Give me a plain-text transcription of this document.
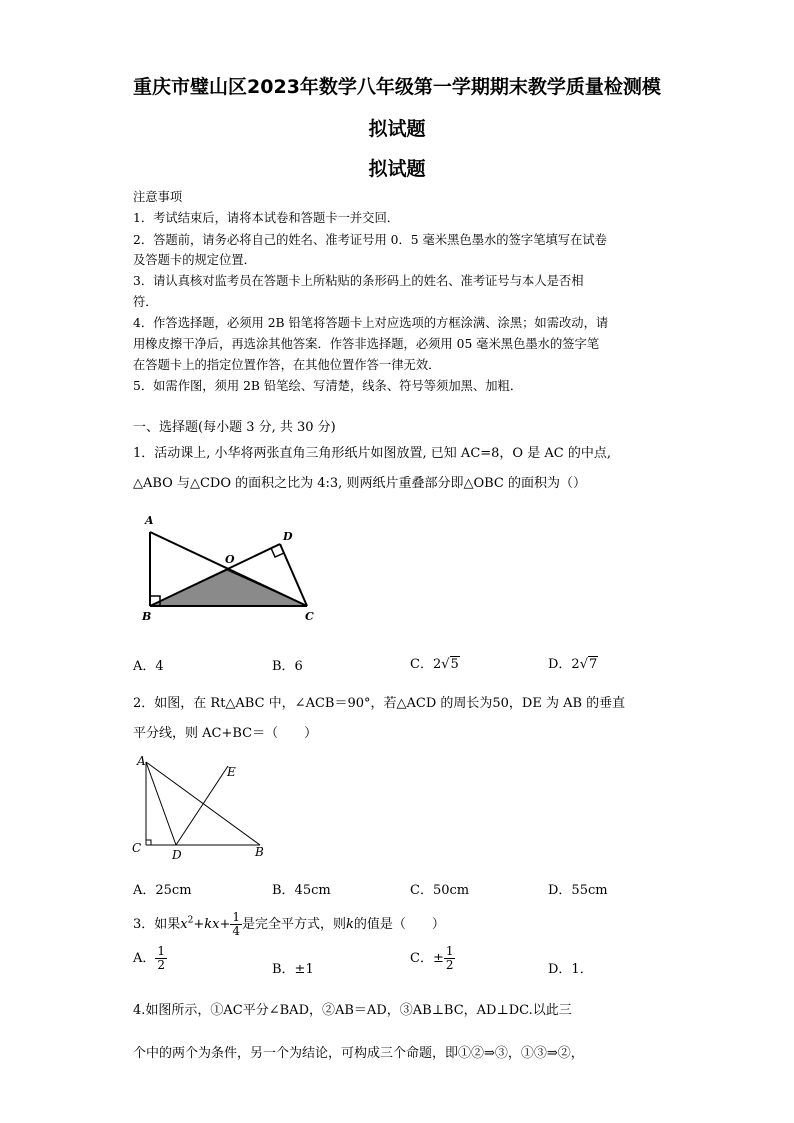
重庆市璧山区2023年数学八年级第一学期期末教学质量检测模
拟试题
拟试题
注意事项
1．考试结束后，请将本试卷和答题卡一并交回．
2．答题前，请务必将自己的姓名、准考证号用 0．5 毫米黑色墨水的签字笔填写在试卷
及答题卡的规定位置．
3．请认真核对监考员在答题卡上所粘贴的条形码上的姓名、准考证号与本人是否相
符．
4．作答选择题，必须用 2B 铅笔将答题卡上对应选项的方框涂满、涂黑；如需改动，请
用橡皮擦干净后，再选涂其他答案．作答非选择题，必须用 05 毫米黑色墨水的签字笔
在答题卡上的指定位置作答，在其他位置作答一律无效．
5．如需作图，须用 2B 铅笔绘、写清楚，线条、符号等须加黑、加粗．
一、选择题(每小题 3 分, 共 30 分)
1．活动课上, 小华将两张直角三角形纸片如图放置, 已知 AC=8，O 是 AC 的中点,
△ABO 与△CDO 的面积之比为 4:3, 则两纸片重叠部分即△OBC 的面积为（）
A
B	C
D
O
A．4	B．6	C．2√5	D．2√7
2．如图，在 Rt△ABC 中，∠ACB＝90°，若△ACD 的周长为50，DE 为 AB 的垂直
平分线，则 AC+BC＝（　　）
A
C	D	B
E
A．25cm	B．45cm	C．50cm	D．55cm
3．如果$x^2+kx+ \frac{1}{4}$ 是完全平方式，则k的值是（　　）
A． $\frac{1}{2}$	B．±1
C．± $\frac{1}{2}$	D．1．
4.如图所示，①AC平分∠BAD，②AB＝AD，③AB⊥BC，AD⊥DC.以此三
个中的两个为条件，另一个为结论，可构成三个命题，即①②⇒③，①③⇒②，
